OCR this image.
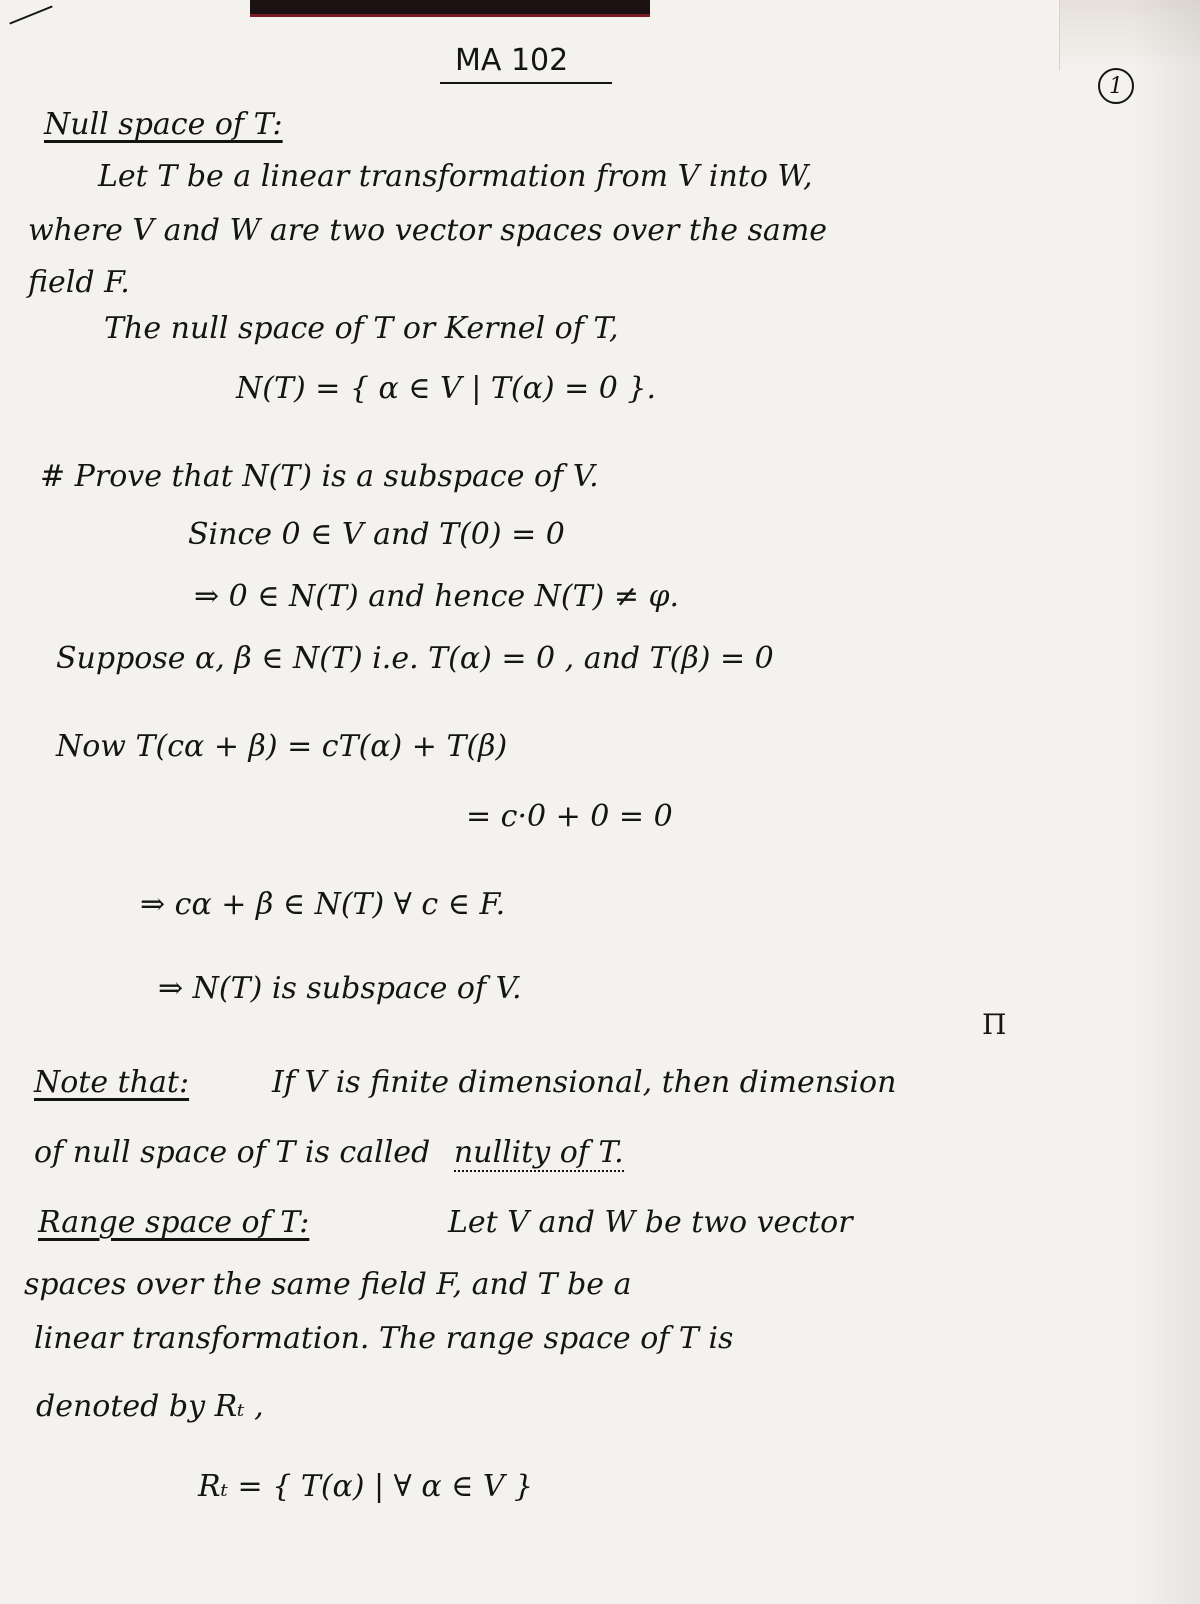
MA 102
1
Null space of T:
Let T be a linear transformation from V into W,
where V and W are two vector spaces over the same
field F.
The null space of T or Kernel of T,
N(T) = { α ∈ V | T(α) = 0 }.
# Prove that N(T) is a subspace of V.
Since 0 ∈ V and T(0) = 0
⇒ 0 ∈ N(T) and hence N(T) ≠ φ.
Suppose α, β ∈ N(T) i.e. T(α) = 0 , and T(β) = 0
Now T(cα + β) = cT(α) + T(β)
= c·0 + 0 = 0
⇒ cα + β ∈ N(T) ∀ c ∈ F.
⇒ N(T) is subspace of V.
Π
Note that:	If V is finite dimensional, then dimension
of null space of T is called nullity of T.
Range space of T:	Let V and W be two vector
spaces over the same field F, and T be a
linear transformation. The range space of T is
denoted by Rₜ ,
Rₜ = { T(α) | ∀ α ∈ V }
